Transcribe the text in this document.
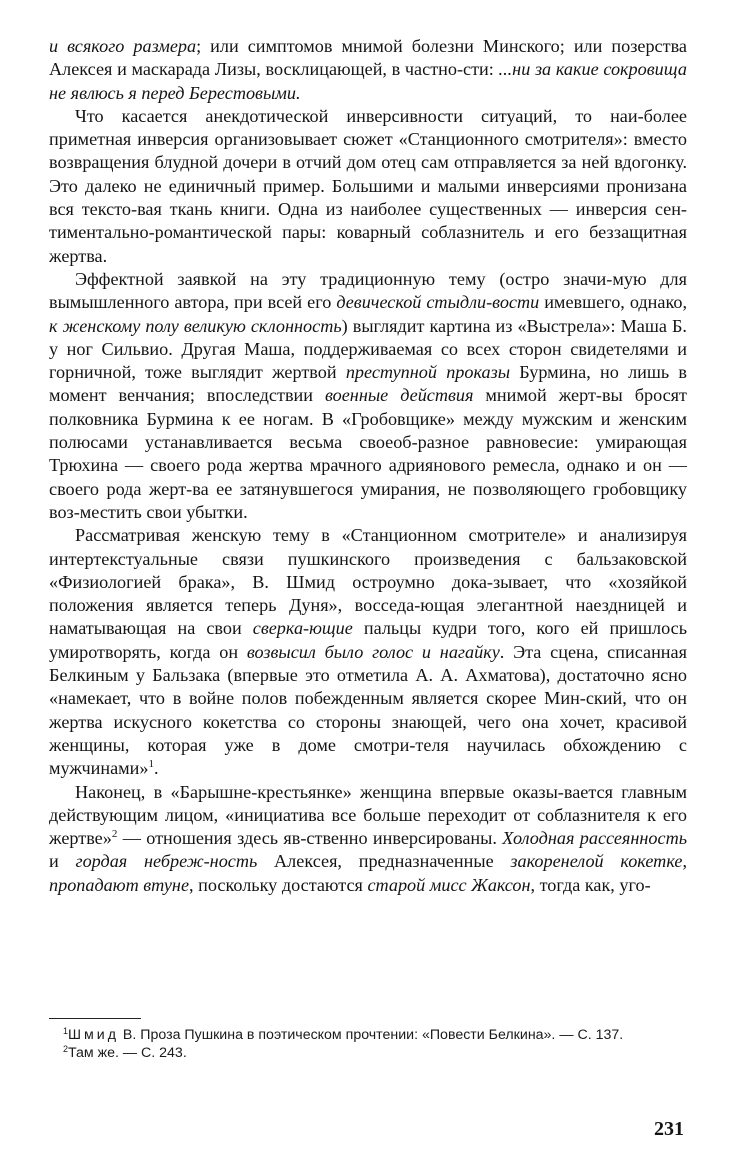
и всякого размера; или симптомов мнимой болезни Минского; или позерства Алексея и маскарада Лизы, восклицающей, в частно-сти: ...ни за какие сокровища не явлюсь я перед Берестовыми.

Что касается анекдотической инверсивности ситуаций, то наи-более приметная инверсия организовывает сюжет «Станционного смотрителя»: вместо возвращения блудной дочери в отчий дом отец сам отправляется за ней вдогонку. Это далеко не единичный пример. Большими и малыми инверсиями пронизана вся тексто-вая ткань книги. Одна из наиболее существенных — инверсия сен-тиментально-романтической пары: коварный соблазнитель и его беззащитная жертва.

Эффектной заявкой на эту традиционную тему (остро значи-мую для вымышленного автора, при всей его девической стыдли-вости имевшего, однако, к женскому полу великую склонность) выглядит картина из «Выстрела»: Маша Б. у ног Сильвио. Другая Маша, поддерживаемая со всех сторон свидетелями и горничной, тоже выглядит жертвой преступной проказы Бурмина, но лишь в момент венчания; впоследствии военные действия мнимой жерт-вы бросят полковника Бурмина к ее ногам. В «Гробовщике» между мужским и женским полюсами устанавливается весьма своеоб-разное равновесие: умирающая Трюхина — своего рода жертва мрачного адриянового ремесла, однако и он — своего рода жерт-ва ее затянувшегося умирания, не позволяющего гробовщику воз-местить свои убытки.

Рассматривая женскую тему в «Станционном смотрителе» и анализируя интертекстуальные связи пушкинского произведения с бальзаковской «Физиологией брака», В. Шмид остроумно дока-зывает, что «хозяйкой положения является теперь Дуня», восседа-ющая элегантной наездницей и наматывающая на свои сверка-ющие пальцы кудри того, кого ей пришлось умиротворять, когда он возвысил было голос и нагайку. Эта сцена, списанная Белкиным у Бальзака (впервые это отметила А. А. Ахматова), достаточно ясно «намекает, что в войне полов побежденным является скорее Мин-ский, что он жертва искусного кокетства со стороны знающей, чего она хочет, красивой женщины, которая уже в доме смотри-теля научилась обхождению с мужчинами»$^1$.

Наконец, в «Барышне-крестьянке» женщина впервые оказы-вается главным действующим лицом, «инициатива все больше переходит от соблазнителя к его жертве»$^2$ — отношения здесь яв-ственно инверсированы. Холодная рассеянность и гордая небреж-ность Алексея, предназначенные закоренелой кокетке, пропадают втуне, поскольку достаются старой мисс Жаксон, тогда как, уго-

$^1$Шмид В. Проза Пушкина в поэтическом прочтении: «Повести Белкина». — С. 137.

$^2$Там же. — С. 243.

231
